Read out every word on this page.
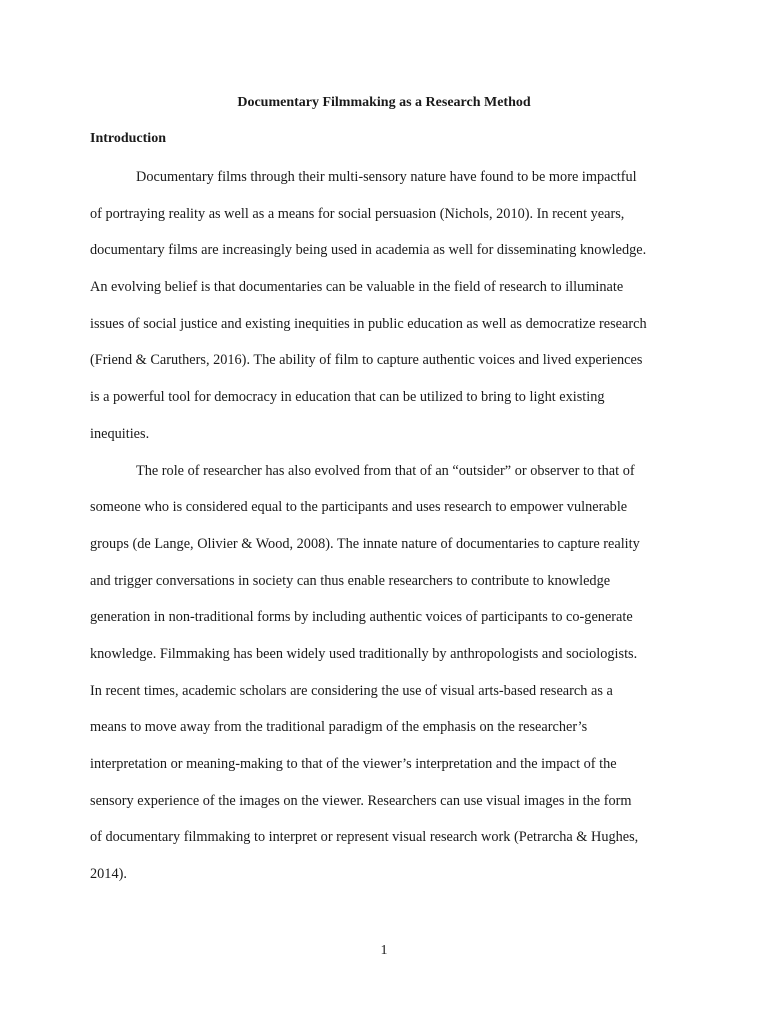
Documentary Filmmaking as a Research Method
Introduction
Documentary films through their multi-sensory nature have found to be more impactful
of portraying reality as well as a means for social persuasion (Nichols, 2010). In recent years,
documentary films are increasingly being used in academia as well for disseminating knowledge.
An evolving belief is that documentaries can be valuable in the field of research to illuminate
issues of social justice and existing inequities in public education as well as democratize research
(Friend & Caruthers, 2016). The ability of film to capture authentic voices and lived experiences
is a powerful tool for democracy in education that can be utilized to bring to light existing
inequities.
The role of researcher has also evolved from that of an “outsider” or observer to that of
someone who is considered equal to the participants and uses research to empower vulnerable
groups (de Lange, Olivier & Wood, 2008). The innate nature of documentaries to capture reality
and trigger conversations in society can thus enable researchers to contribute to knowledge
generation in non-traditional forms by including authentic voices of participants to co-generate
knowledge. Filmmaking has been widely used traditionally by anthropologists and sociologists.
In recent times, academic scholars are considering the use of visual arts-based research as a
means to move away from the traditional paradigm of the emphasis on the researcher’s
interpretation or meaning-making to that of the viewer’s interpretation and the impact of the
sensory experience of the images on the viewer. Researchers can use visual images in the form
of documentary filmmaking to interpret or represent visual research work (Petrarcha & Hughes,
2014).
1
